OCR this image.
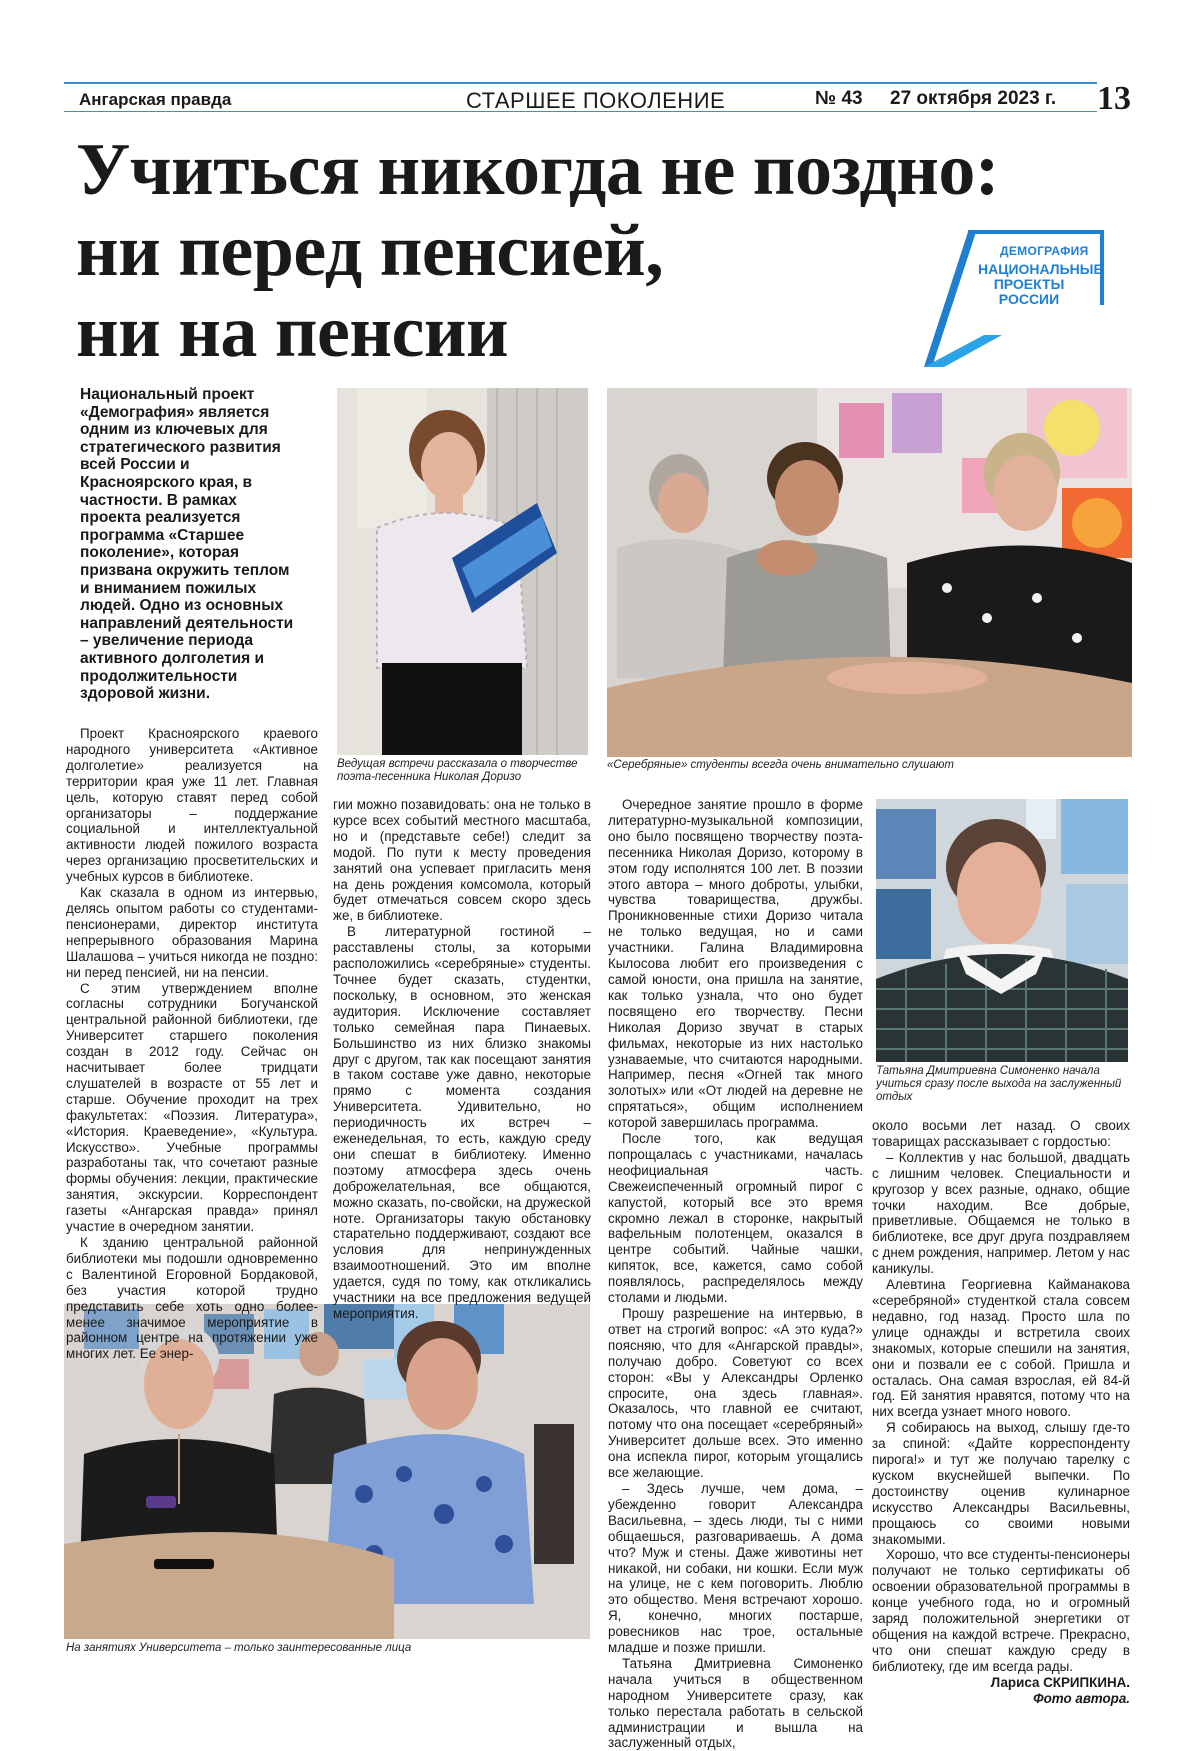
Ангарская правда	СТАРШЕЕ ПОКОЛЕНИЕ	№ 43 27 октября 2023 г. 13
Учиться никогда не поздно:
ни перед пенсией,
ни на пенсии
ДЕМОГРАФИЯ
НАЦИОНАЛЬНЫЕ ПРОЕКТЫ РОССИИ
Национальный проект «Демография» является одним из ключевых для стратегического развития всей России и Красноярского края, в частности. В рамках проекта реализуется программа «Старшее поколение», которая призвана окружить теплом и вниманием пожилых людей. Одно из основных направлений деятельности – увеличение периода активного долголетия и продолжительности здоровой жизни.
Ведущая встречи рассказала о творчестве поэта-песенника Николая Доризо
«Серебряные» студенты всегда очень внимательно слушают
Татьяна Дмитриевна Симоненко начала учиться сразу после выхода на заслуженный отдых
На занятиях Университета – только заинтересованные лица

Проект Красноярского краевого народного университета «Активное долголетие» реализуется на территории края уже 11 лет. Главная цель, которую ставят перед собой организаторы – поддержание социальной и интеллектуальной активности людей пожилого возраста через организацию просветительских и учебных курсов в библиотеке.

Как сказала в одном из интервью, делясь опытом работы со студентами-пенсионерами, директор института непрерывного образования Марина Шалашова – учиться никогда не поздно: ни перед пенсией, ни на пенсии.

С этим утверждением вполне согласны сотрудники Богучанской центральной районной библиотеки, где Университет старшего поколения создан в 2012 году. Сейчас он насчитывает более тридцати слушателей в возрасте от 55 лет и старше. Обучение проходит на трех факультетах: «Поэзия. Литература», «История. Краеведение», «Культура. Искусство». Учебные программы разработаны так, что сочетают разные формы обучения: лекции, практические занятия, экскурсии. Корреспондент газеты «Ангарская правда» принял участие в очередном занятии.

К зданию центральной районной библиотеки мы подошли одновременно с Валентиной Егоровной Бордаковой, без участия которой трудно представить себе хоть одно более-менее значимое мероприятие в районном центре на протяжении уже многих лет. Ее энер-

гии можно позавидовать: она не только в курсе всех событий местного масштаба, но и (представьте себе!) следит за модой. По пути к месту проведения занятий она успевает пригласить меня на день рождения комсомола, который будет отмечаться совсем скоро здесь же, в библиотеке.

В литературной гостиной – расставлены столы, за которыми расположились «серебряные» студенты. Точнее будет сказать, студентки, поскольку, в основном, это женская аудитория. Исключение составляет только семейная пара Пинаевых. Большинство из них близко знакомы друг с другом, так как посещают занятия в таком составе уже давно, некоторые прямо с момента создания Университета. Удивительно, но периодичность их встреч – еженедельная, то есть, каждую среду они спешат в библиотеку. Именно поэтому атмосфера здесь очень доброжелательная, все общаются, можно сказать, по-свойски, на дружеской ноте. Организаторы такую обстановку старательно поддерживают, создают все условия для непринужденных взаимоотношений. Это им вполне удается, судя по тому, как откликались участники на все предложения ведущей мероприятия.

Очередное занятие прошло в форме литературно-музыкальной композиции, оно было посвящено творчеству поэта-песенника Николая Доризо, которому в этом году исполнятся 100 лет. В поэзии этого автора – много доброты, улыбки, чувства товарищества, дружбы. Проникновенные стихи Доризо читала не только ведущая, но и сами участники. Галина Владимировна Кылосова любит его произведения с самой юности, она пришла на занятие, как только узнала, что оно будет посвящено его творчеству. Песни Николая Доризо звучат в старых фильмах, некоторые из них настолько узнаваемые, что считаются народными. Например, песня «Огней так много золотых» или «От людей на деревне не спрятаться», общим исполнением которой завершилась программа.

После того, как ведущая попрощалась с участниками, началась неофициальная часть. Свежеиспеченный огромный пирог с капустой, который все это время скромно лежал в сторонке, накрытый вафельным полотенцем, оказался в центре событий. Чайные чашки, кипяток, все, кажется, само собой появлялось, распределялось между столами и людьми.

Прошу разрешение на интервью, в ответ на строгий вопрос: «А это куда?» поясняю, что для «Ангарской правды», получаю добро. Советуют со всех сторон: «Вы у Александры Орленко спросите, она здесь главная». Оказалось, что главной ее считают, потому что она посещает «серебряный» Университет дольше всех. Это именно она испекла пирог, которым угощались все желающие.

– Здесь лучше, чем дома, – убежденно говорит Александра Васильевна, – здесь люди, ты с ними общаешься, разговариваешь. А дома что? Муж и стены. Даже животины нет никакой, ни собаки, ни кошки. Если муж на улице, не с кем поговорить. Люблю это общество. Меня встречают хорошо. Я, конечно, многих постарше, ровесников нас трое, остальные младше и позже пришли.

Татьяна Дмитриевна Симоненко начала учиться в общественном народном Университете сразу, как только перестала работать в сельской администрации и вышла на заслуженный отдых,

около восьми лет назад. О своих товарищах рассказывает с гордостью:

– Коллектив у нас большой, двадцать с лишним человек. Специальности и кругозор у всех разные, однако, общие точки находим. Все добрые, приветливые. Общаемся не только в библиотеке, все друг друга поздравляем с днем рождения, например. Летом у нас каникулы.

Алевтина Георгиевна Кайманакова «серебряной» студенткой стала совсем недавно, год назад. Просто шла по улице однажды и встретила своих знакомых, которые спешили на занятия, они и позвали ее с собой. Пришла и осталась. Она самая взрослая, ей 84-й год. Ей занятия нравятся, потому что на них всегда узнает много нового.

Я собираюсь на выход, слышу где-то за спиной: «Дайте корреспонденту пирога!» и тут же получаю тарелку с куском вкуснейшей выпечки. По достоинству оценив кулинарное искусство Александры Васильевны, прощаюсь со своими новыми знакомыми.

Хорошо, что все студенты-пенсионеры получают не только сертификаты об освоении образовательной программы в конце учебного года, но и огромный заряд положительной энергетики от общения на каждой встрече. Прекрасно, что они спешат каждую среду в библиотеку, где им всегда рады.

Лариса СКРИПКИНА.
Фото автора.
